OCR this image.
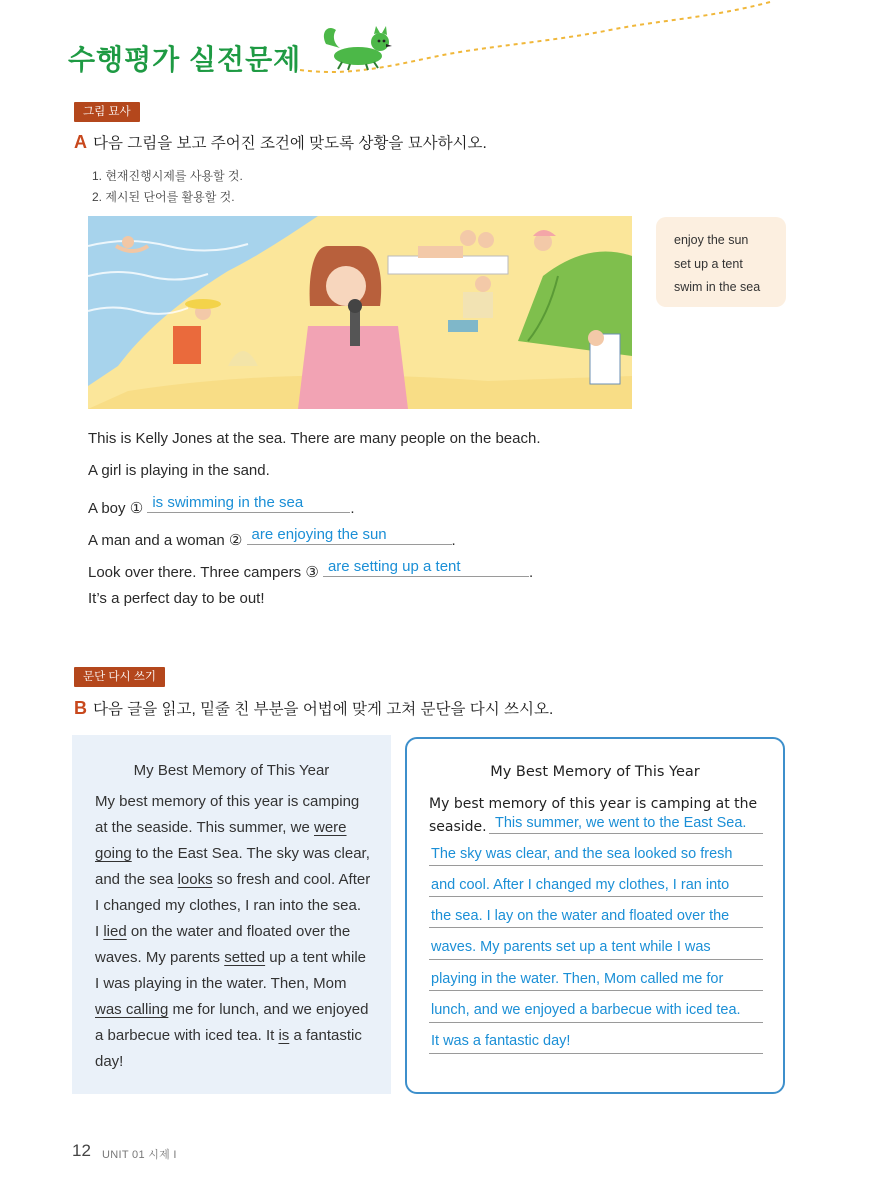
수행평가 실전문제
그림 묘사
A 다음 그림을 보고 주어진 조건에 맞도록 상황을 묘사하시오.
1. 현재진행시제를 사용할 것.
2. 제시된 단어를 활용할 것.
enjoy the sun
set up a tent
swim in the sea
This is Kelly Jones at the sea. There are many people on the beach.
A girl is playing in the sand.
A boy ① is swimming in the sea	.
A man and a woman ② are enjoying the sun	.
Look over there. Three campers ③ are setting up a tent	.
It’s a perfect day to be out!
문단 다시 쓰기
B 다음 글을 읽고, 밑줄 친 부분을 어법에 맞게 고쳐 문단을 다시 쓰시오.
My Best Memory of This Year
My best memory of this year is camping
at the seaside. This summer, we were
going to the East Sea. The sky was clear,
and the sea looks so fresh and cool. After
I changed my clothes, I ran into the sea.
I lied on the water and floated over the
waves. My parents setted up a tent while
I was playing in the water. Then, Mom
was calling me for lunch, and we enjoyed
a barbecue with iced tea. It is a fantastic
day!
My Best Memory of This Year
My best memory of this year is camping at the
seaside. This summer, we went to the East Sea.
The sky was clear, and the sea looked so fresh
and cool. After I changed my clothes, I ran into
the sea. I lay on the water and floated over the
waves. My parents set up a tent while I was
playing in the water. Then, Mom called me for
lunch, and we enjoyed a barbecue with iced tea.
It was a fantastic day!
12 UNIT 01 시제 I
